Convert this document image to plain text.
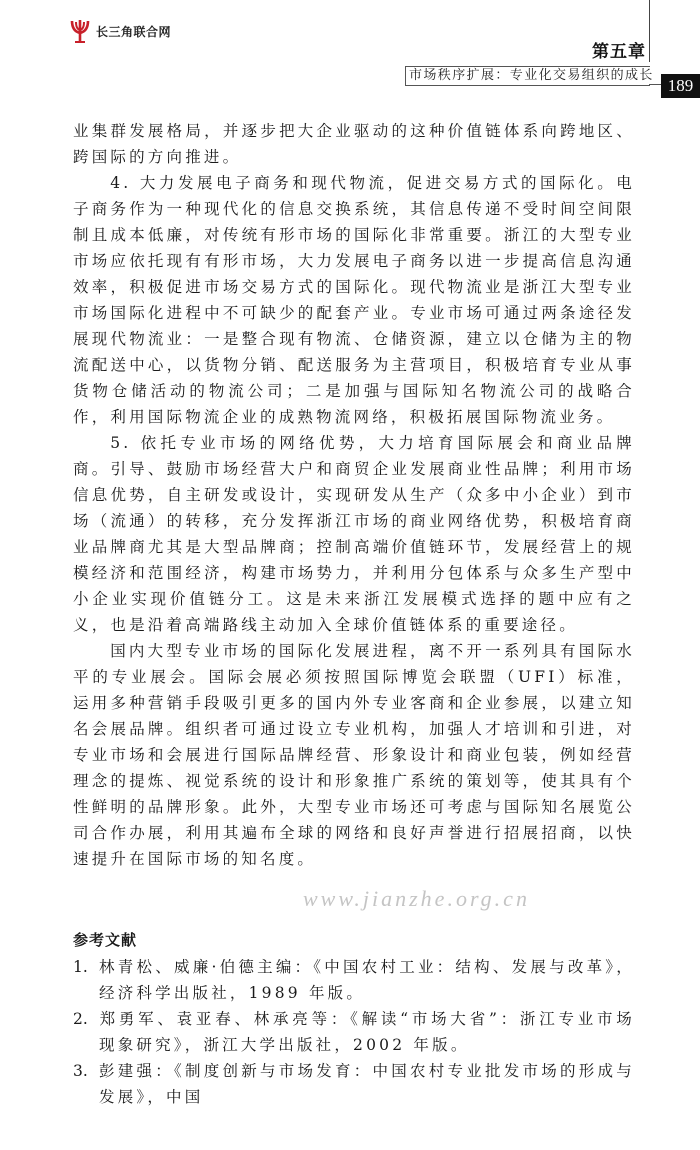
长三角联合网
第五章
市场秩序扩展：专业化交易组织的成长
189

业集群发展格局，并逐步把大企业驱动的这种价值链体系向跨地区、跨国际的方向推进。

4. 大力发展电子商务和现代物流，促进交易方式的国际化。电子商务作为一种现代化的信息交换系统，其信息传递不受时间空间限制且成本低廉，对传统有形市场的国际化非常重要。浙江的大型专业市场应依托现有有形市场，大力发展电子商务以进一步提高信息沟通效率，积极促进市场交易方式的国际化。现代物流业是浙江大型专业市场国际化进程中不可缺少的配套产业。专业市场可通过两条途径发展现代物流业：一是整合现有物流、仓储资源，建立以仓储为主的物流配送中心，以货物分销、配送服务为主营项目，积极培育专业从事货物仓储活动的物流公司；二是加强与国际知名物流公司的战略合作，利用国际物流企业的成熟物流网络，积极拓展国际物流业务。

5. 依托专业市场的网络优势，大力培育国际展会和商业品牌商。引导、鼓励市场经营大户和商贸企业发展商业性品牌；利用市场信息优势，自主研发或设计，实现研发从生产（众多中小企业）到市场（流通）的转移，充分发挥浙江市场的商业网络优势，积极培育商业品牌商尤其是大型品牌商；控制高端价值链环节，发展经营上的规模经济和范围经济，构建市场势力，并利用分包体系与众多生产型中小企业实现价值链分工。这是未来浙江发展模式选择的题中应有之义，也是沿着高端路线主动加入全球价值链体系的重要途径。

国内大型专业市场的国际化发展进程，离不开一系列具有国际水平的专业展会。国际会展必须按照国际博览会联盟（UFI）标准，运用多种营销手段吸引更多的国内外专业客商和企业参展，以建立知名会展品牌。组织者可通过设立专业机构，加强人才培训和引进，对专业市场和会展进行国际品牌经营、形象设计和商业包装，例如经营理念的提炼、视觉系统的设计和形象推广系统的策划等，使其具有个性鲜明的品牌形象。此外，大型专业市场还可考虑与国际知名展览公司合作办展，利用其遍布全球的网络和良好声誉进行招展招商，以快速提升在国际市场的知名度。

www.jianzhe.org.cn
参考文献
1. 林青松、威廉·伯德主编：《中国农村工业：结构、发展与改革》，经济科学出版社，1989 年版。
2. 郑勇军、袁亚春、林承亮等：《解读“市场大省”：浙江专业市场现象研究》，浙江大学出版社，2002 年版。
3. 彭建强：《制度创新与市场发育：中国农村专业批发市场的形成与发展》，中国
